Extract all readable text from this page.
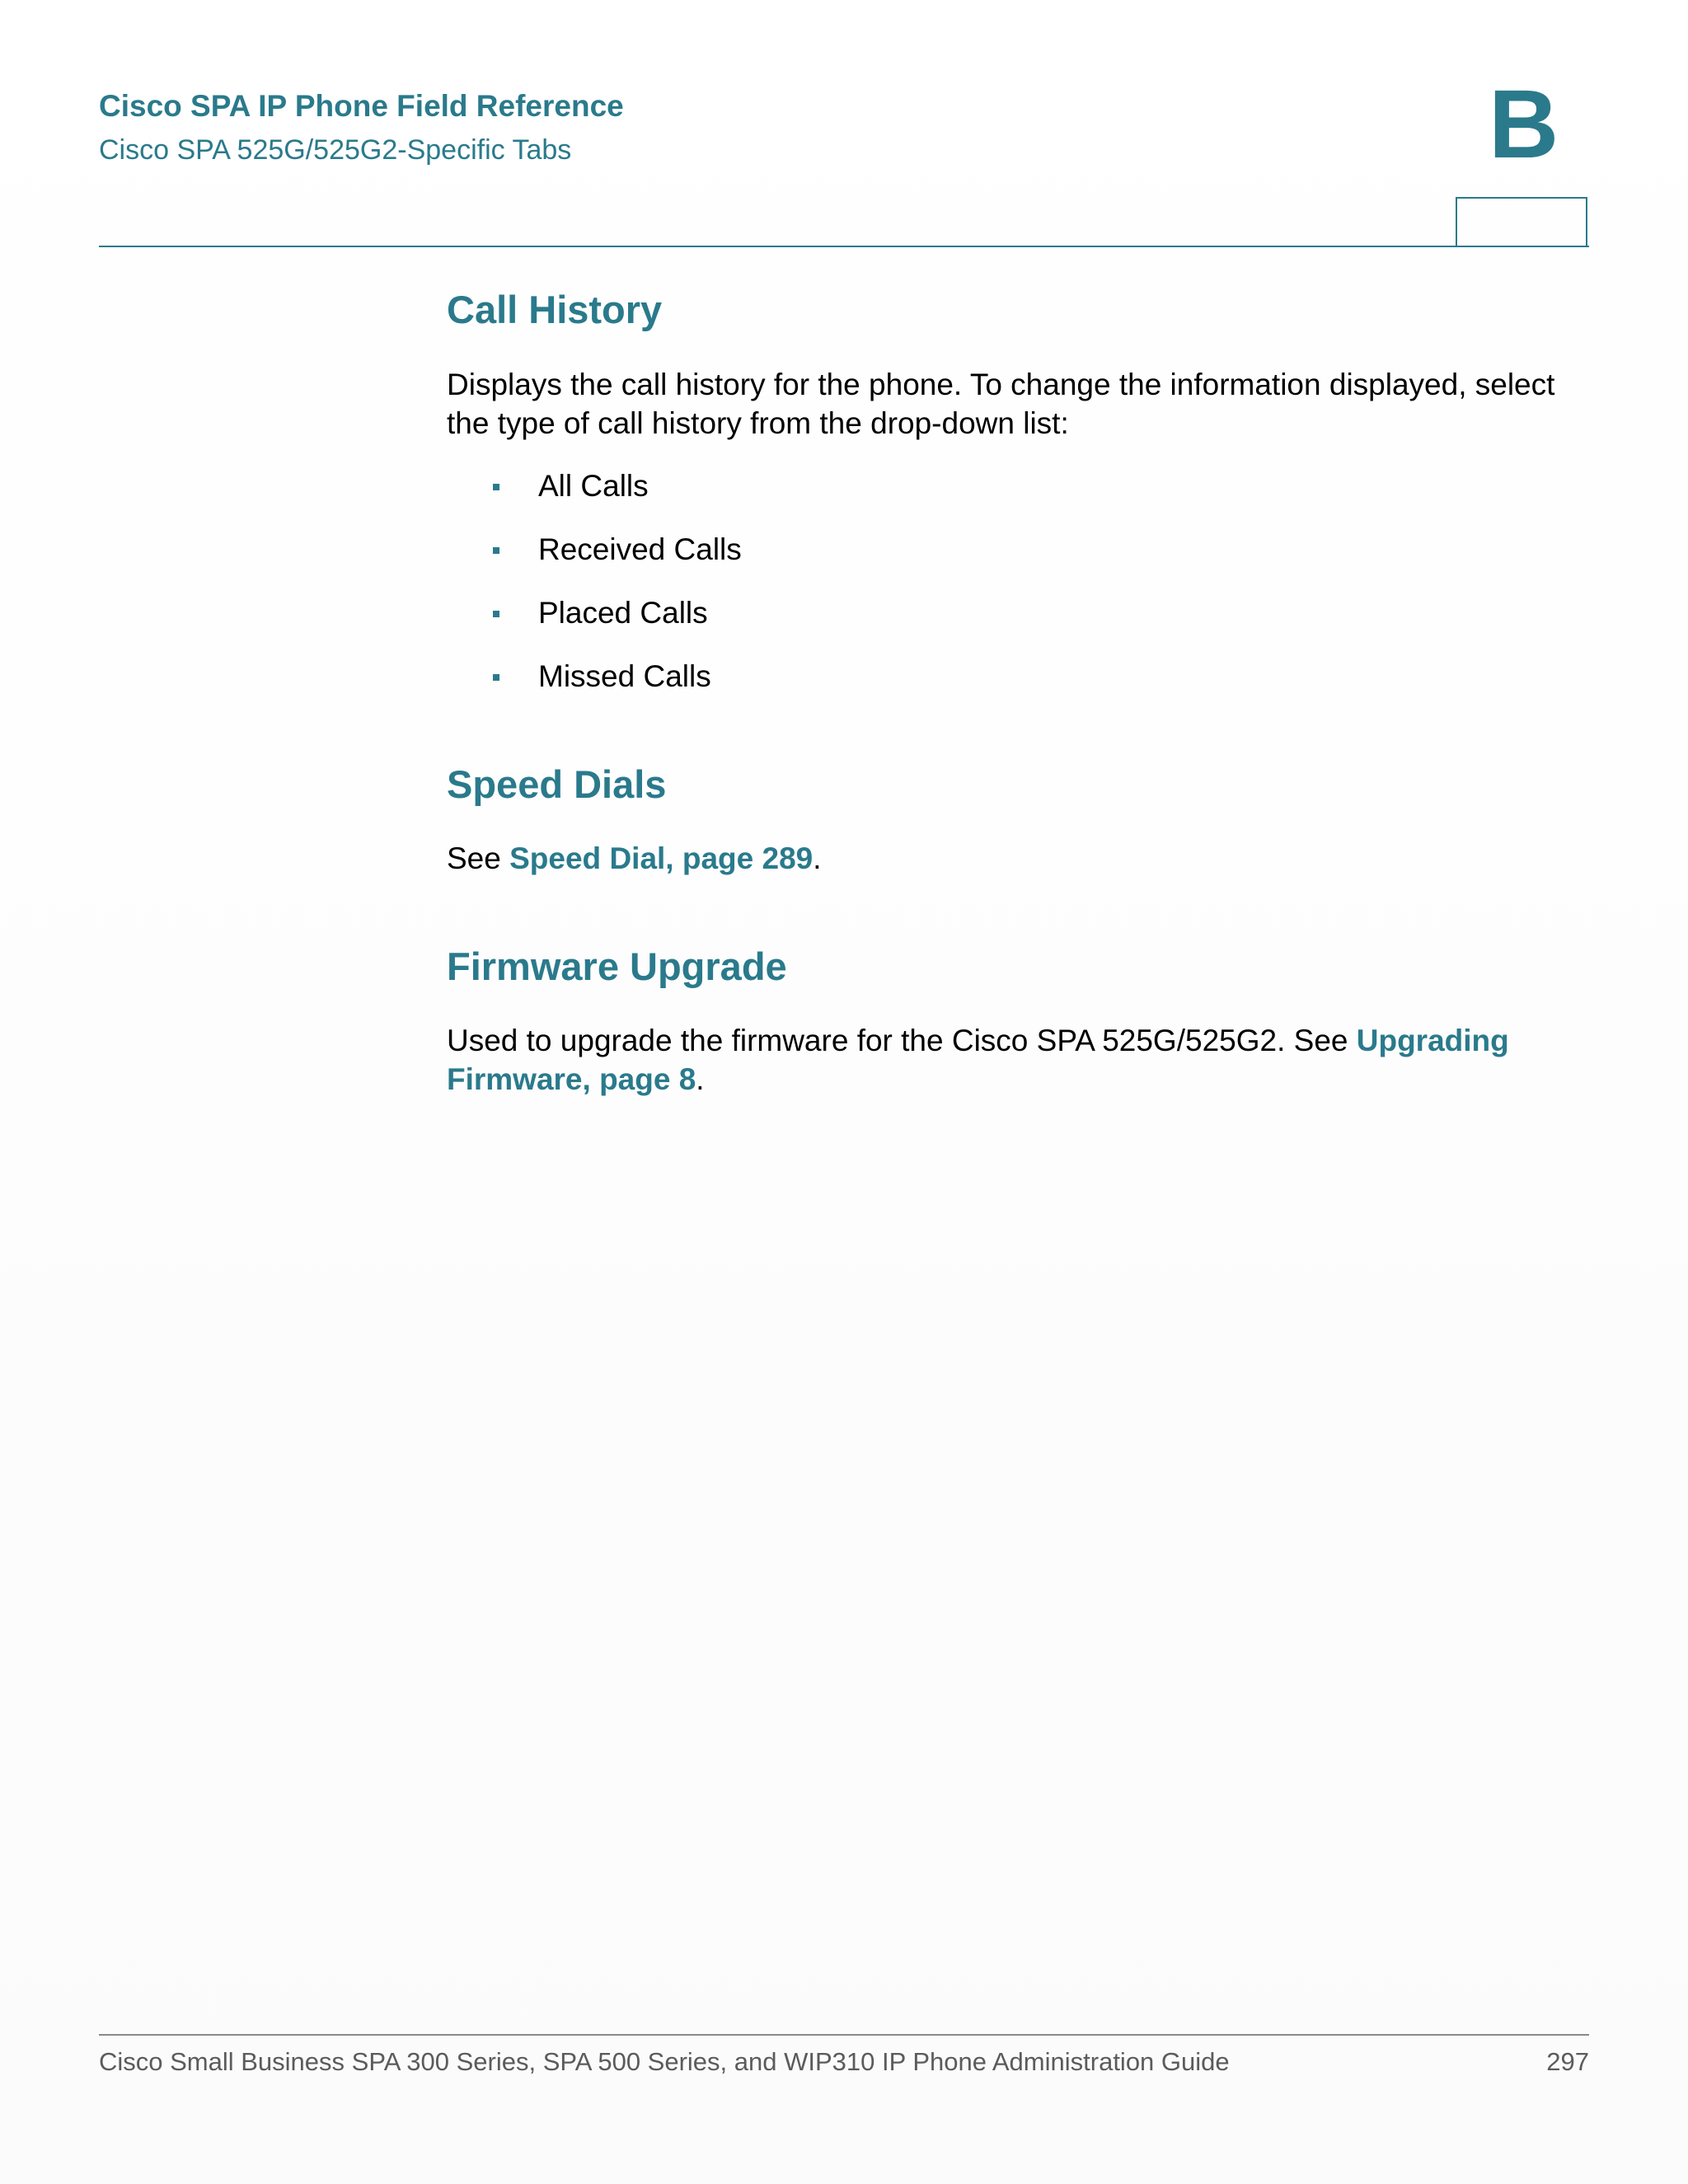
Cisco SPA IP Phone Field Reference
Cisco SPA 525G/525G2-Specific Tabs	B
Call History
Displays the call history for the phone. To change the information displayed, select the type of call history from the drop-down list:
All Calls
Received Calls
Placed Calls
Missed Calls
Speed Dials
See Speed Dial, page 289.
Firmware Upgrade
Used to upgrade the firmware for the Cisco SPA 525G/525G2. See Upgrading Firmware, page 8.
Cisco Small Business SPA 300 Series, SPA 500 Series, and WIP310 IP Phone Administration Guide	297
